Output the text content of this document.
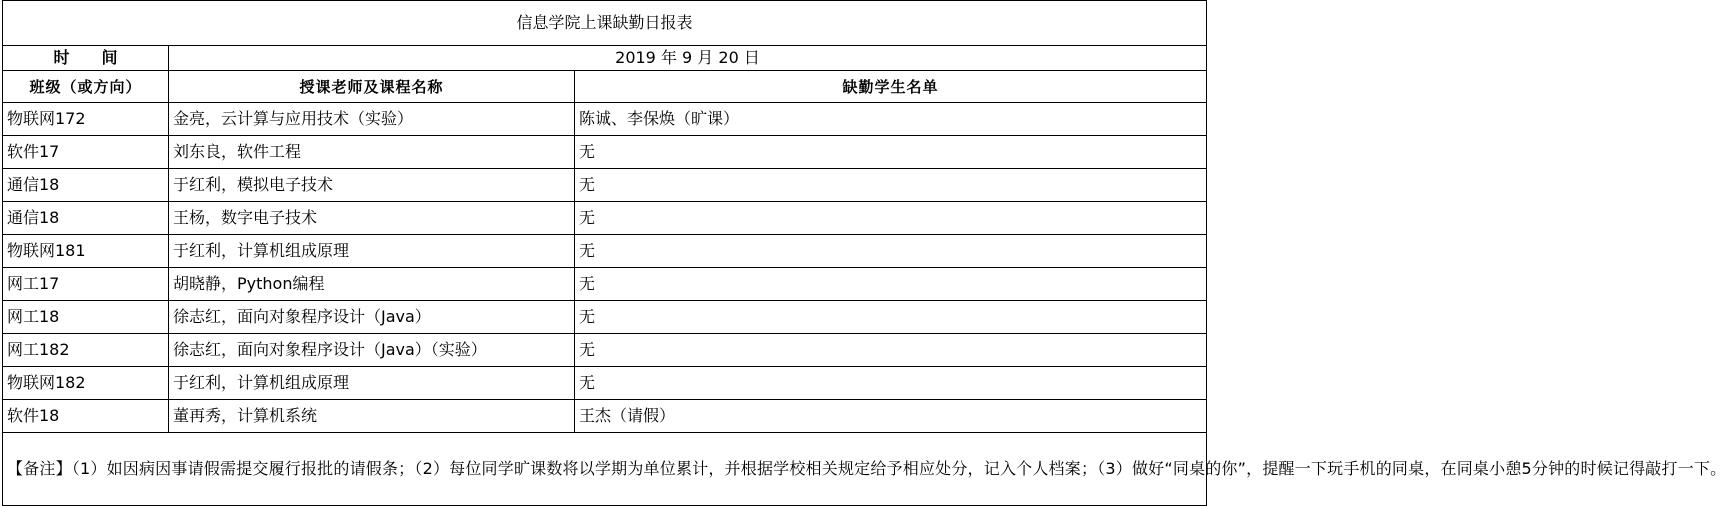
信息学院上课缺勤日报表		
时　　间	2019 年 9 月 20 日	
班级（或方向）	授课老师及课程名称	缺勤学生名单
物联网172	金亮，云计算与应用技术（实验）	陈诚、李保焕（旷课）
软件17	刘东良，软件工程	无
通信18	于红利，模拟电子技术	无
通信18	王杨，数字电子技术	无
物联网181	于红利，计算机组成原理	无
网工17	胡晓静，Python编程	无
网工18	徐志红，面向对象程序设计（Java）	无
网工182	徐志红，面向对象程序设计（Java）（实验）	无
物联网182	于红利，计算机组成原理	无
软件18	董再秀，计算机系统	王杰（请假）
【备注】（1）如因病因事请假需提交履行报批的请假条；（2）每位同学旷课数将以学期为单位累计，并根据学校相关规定给予相应处分，记入个人档案；（3）做好“同桌的你”，提醒一下玩手机的同桌，在同桌小憩5分钟的时候记得敲打一下。		
